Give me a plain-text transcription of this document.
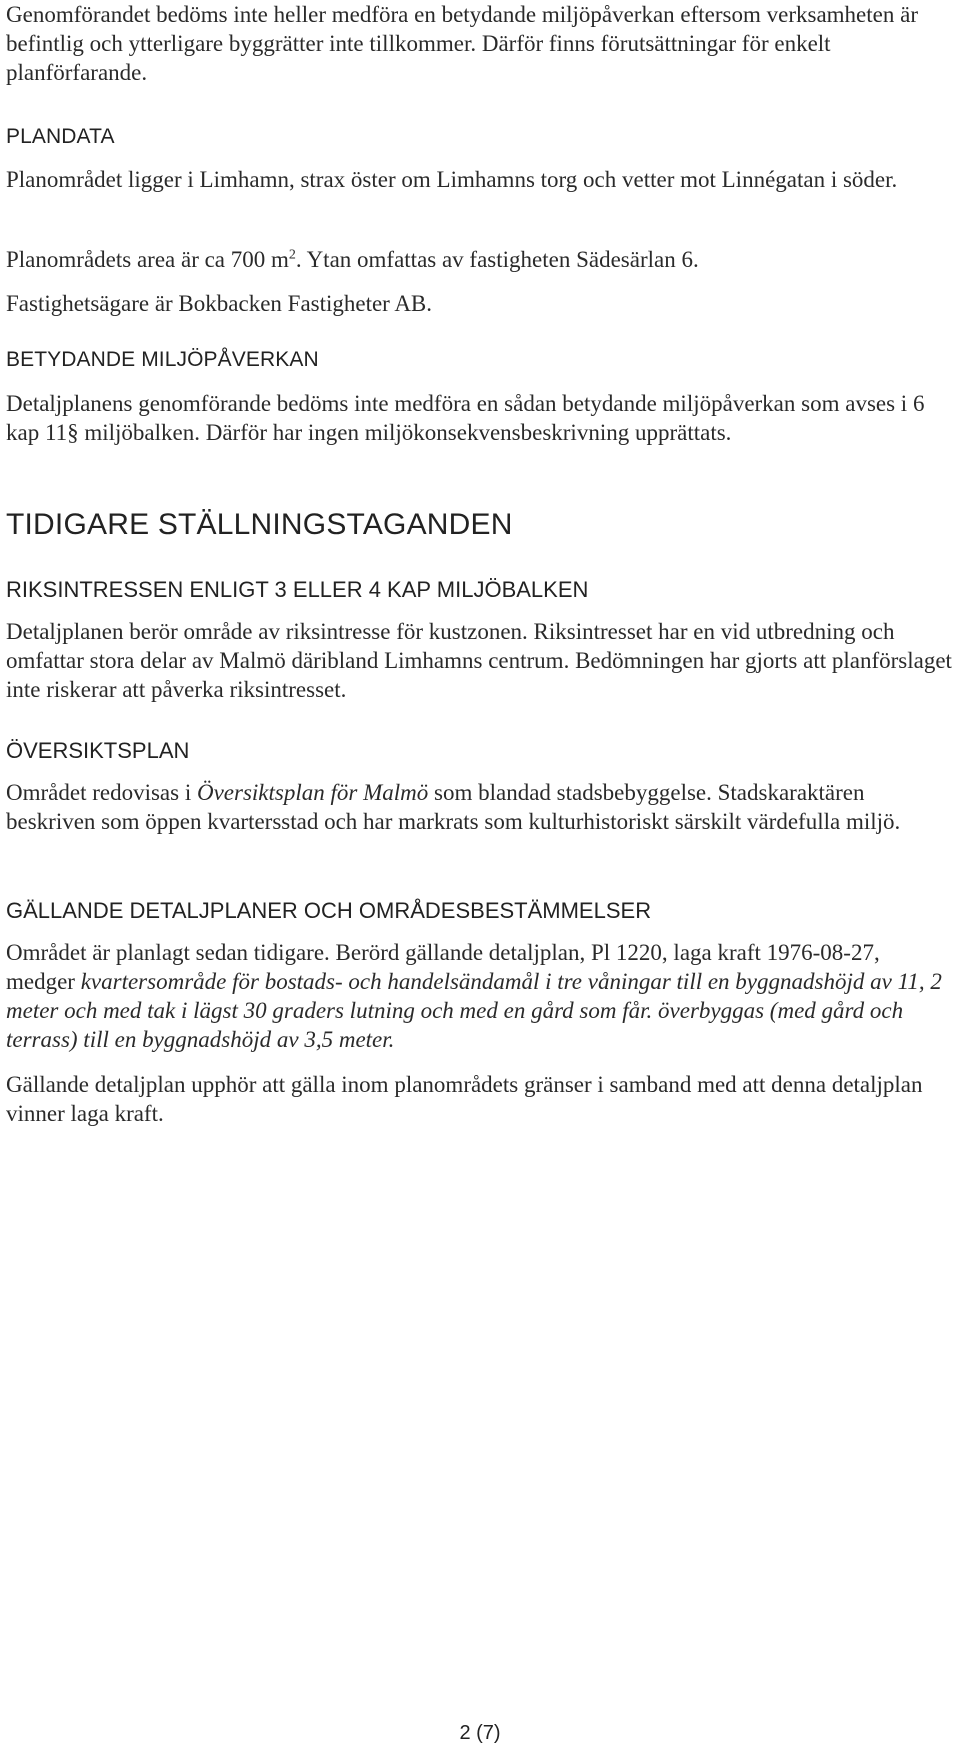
Genomförandet bedöms inte heller medföra en betydande miljöpåverkan eftersom verksamheten är befintlig och ytterligare byggrätter inte tillkommer. Därför finns förutsättningar för enkelt planförfarande.

PLANDATA

Planområdet ligger i Limhamn, strax öster om Limhamns torg och vetter mot Linnégatan i söder.

Planområdets area är ca 700 $m^2$. Ytan omfattas av fastigheten Sädesärlan 6.

Fastighetsägare är Bokbacken Fastigheter AB.

BETYDANDE MILJÖPÅVERKAN

Detaljplanens genomförande bedöms inte medföra en sådan betydande miljöpåverkan som avses i 6 kap 11§ miljöbalken. Därför har ingen miljökonsekvensbeskrivning upprättats.

TIDIGARE STÄLLNINGSTAGANDEN
RIKSINTRESSEN ENLIGT 3 ELLER 4 KAP MILJÖBALKEN

Detaljplanen berör område av riksintresse för kustzonen. Riksintresset har en vid utbredning och omfattar stora delar av Malmö däribland Limhamns centrum. Bedömningen har gjorts att planförslaget inte riskerar att påverka riksintresset.

ÖVERSIKTSPLAN

Området redovisas i Översiktsplan för Malmö som blandad stadsbebyggelse. Stadskaraktären beskriven som öppen kvartersstad och har markrats som kulturhistoriskt särskilt värdefulla miljö.

GÄLLANDE DETALJPLANER OCH OMRÅDESBESTÄMMELSER

Området är planlagt sedan tidigare. Berörd gällande detaljplan, Pl 1220, laga kraft 1976-08-27, medger kvartersområde för bostads- och handelsändamål i tre våningar till en byggnadshöjd av 11, 2 meter och med tak i lägst 30 graders lutning och med en gård som får. överbyggas (med gård och terrass) till en byggnadshöjd av 3,5 meter.

Gällande detaljplan upphör att gälla inom planområdets gränser i samband med att denna detaljplan vinner laga kraft.

2 (7)
